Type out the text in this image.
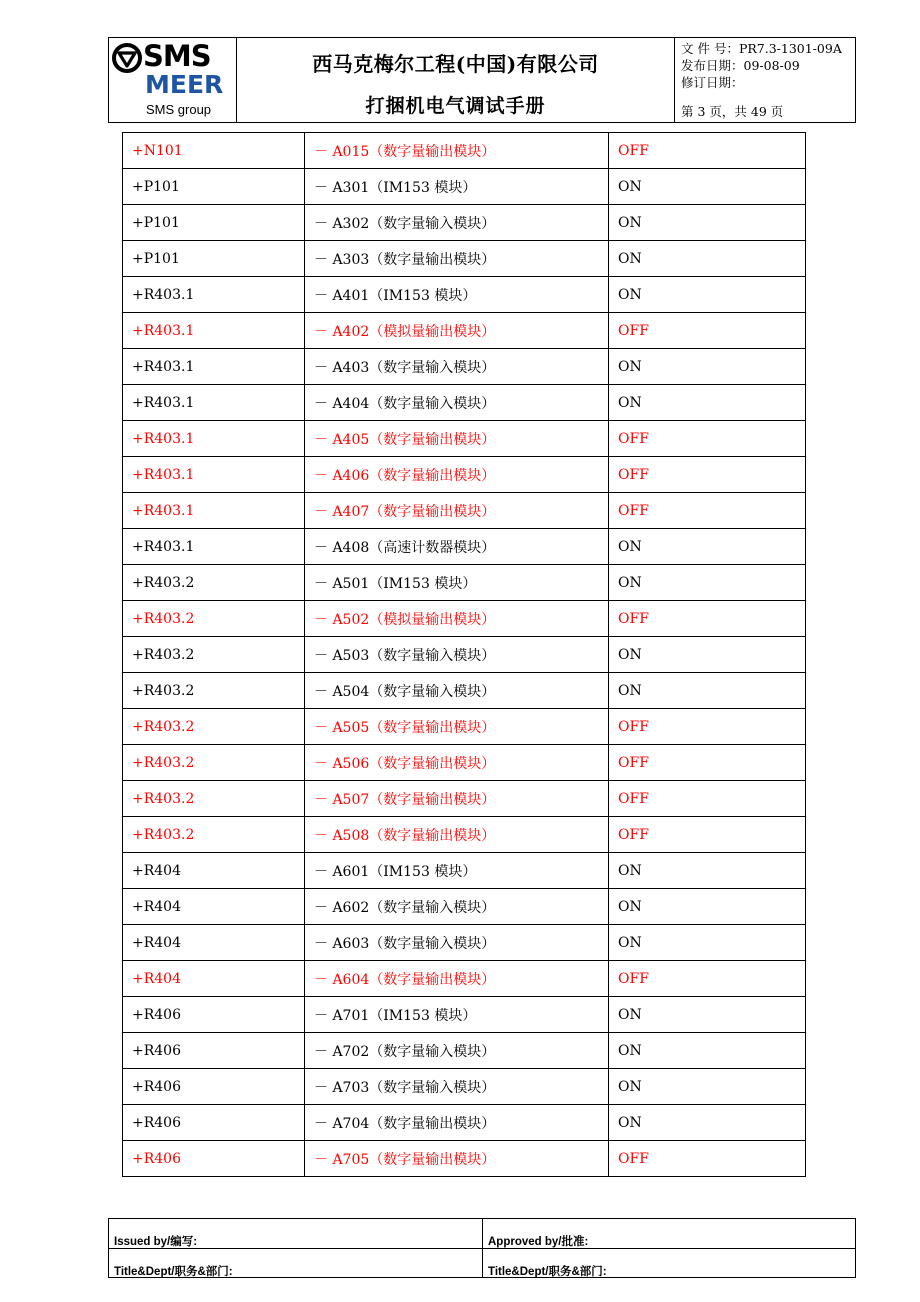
SMS
MEER
SMS group
西马克梅尔工程(中国)有限公司
打捆机电气调试手册
文 件 号：PR7.3-1301-09A
发布日期：09-08-09
修订日期：
第 3 页，共 49 页
+N101	－ A015（数字量输出模块）	OFF
+P101	－ A301（IM153 模块）	ON
+P101	－ A302（数字量输入模块）	ON
+P101	－ A303（数字量输出模块）	ON
+R403.1	－ A401（IM153 模块）	ON
+R403.1	－ A402（模拟量输出模块）	OFF
+R403.1	－ A403（数字量输入模块）	ON
+R403.1	－ A404（数字量输入模块）	ON
+R403.1	－ A405（数字量输出模块）	OFF
+R403.1	－ A406（数字量输出模块）	OFF
+R403.1	－ A407（数字量输出模块）	OFF
+R403.1	－ A408（高速计数器模块）	ON
+R403.2	－ A501（IM153 模块）	ON
+R403.2	－ A502（模拟量输出模块）	OFF
+R403.2	－ A503（数字量输入模块）	ON
+R403.2	－ A504（数字量输入模块）	ON
+R403.2	－ A505（数字量输出模块）	OFF
+R403.2	－ A506（数字量输出模块）	OFF
+R403.2	－ A507（数字量输出模块）	OFF
+R403.2	－ A508（数字量输出模块）	OFF
+R404	－ A601（IM153 模块）	ON
+R404	－ A602（数字量输入模块）	ON
+R404	－ A603（数字量输入模块）	ON
+R404	－ A604（数字量输出模块）	OFF
+R406	－ A701（IM153 模块）	ON
+R406	－ A702（数字量输入模块）	ON
+R406	－ A703（数字量输入模块）	ON
+R406	－ A704（数字量输出模块）	ON
+R406	－ A705（数字量输出模块）	OFF
Issued by/编写:	Approved by/批准:
Title&Dept/职务&部门:	Title&Dept/职务&部门:
